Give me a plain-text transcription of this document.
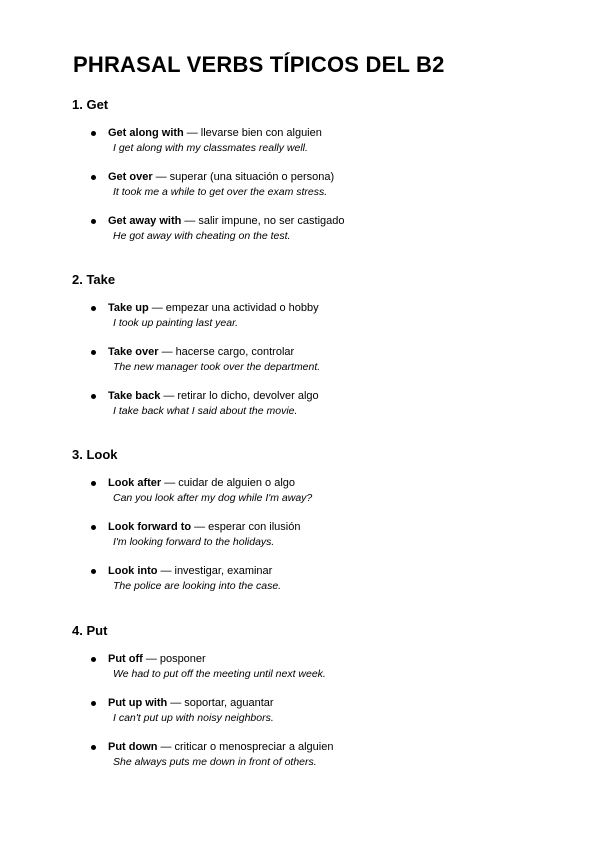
PHRASAL VERBS TÍPICOS DEL B2
1. Get
Get along with — llevarse bien con alguien
I get along with my classmates really well.
Get over — superar (una situación o persona)
It took me a while to get over the exam stress.
Get away with — salir impune, no ser castigado
He got away with cheating on the test.
2. Take
Take up — empezar una actividad o hobby
I took up painting last year.
Take over — hacerse cargo, controlar
The new manager took over the department.
Take back — retirar lo dicho, devolver algo
I take back what I said about the movie.
3. Look
Look after — cuidar de alguien o algo
Can you look after my dog while I'm away?
Look forward to — esperar con ilusión
I'm looking forward to the holidays.
Look into — investigar, examinar
The police are looking into the case.
4. Put
Put off — posponer
We had to put off the meeting until next week.
Put up with — soportar, aguantar
I can't put up with noisy neighbors.
Put down — criticar o menospreciar a alguien
She always puts me down in front of others.
